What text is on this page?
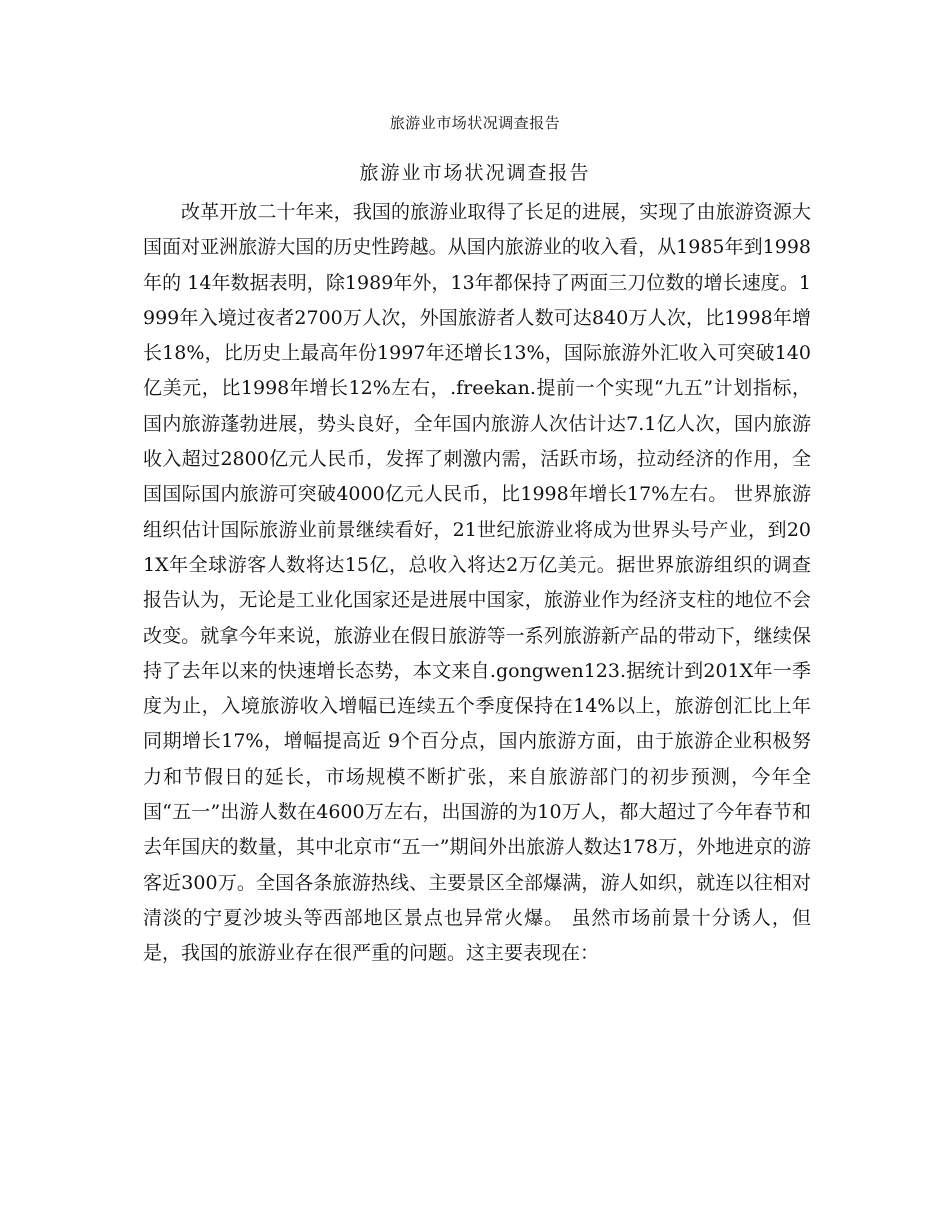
旅游业市场状况调查报告
旅游业市场状况调查报告

改革开放二十年来，我国的旅游业取得了长足的进展，实现了由旅游资源大国面对亚洲旅游大国的历史性跨越。从国内旅游业的收入看，从1985年到1998年的 14年数据表明，除1989年外，13年都保持了两面三刀位数的增长速度。1999年入境过夜者2700万人次，外国旅游者人数可达840万人次，比1998年增长18%，比历史上最高年份1997年还增长13%，国际旅游外汇收入可突破140亿美元，比1998年增长12%左右，.freekan.提前一个实现“九五”计划指标，国内旅游蓬勃进展，势头良好，全年国内旅游人次估计达7.1亿人次，国内旅游收入超过2800亿元人民币，发挥了刺激内需，活跃市场，拉动经济的作用，全国国际国内旅游可突破4000亿元人民币，比1998年增长17%左右。 世界旅游组织估计国际旅游业前景继续看好，21世纪旅游业将成为世界头号产业，到201X年全球游客人数将达15亿，总收入将达2万亿美元。据世界旅游组织的调查报告认为，无论是工业化国家还是进展中国家，旅游业作为经济支柱的地位不会改变。就拿今年来说，旅游业在假日旅游等一系列旅游新产品的带动下，继续保持了去年以来的快速增长态势，本文来自.gongwen123.据统计到201X年一季度为止，入境旅游收入增幅已连续五个季度保持在14%以上，旅游创汇比上年同期增长17%，增幅提高近 9个百分点，国内旅游方面，由于旅游企业积极努力和节假日的延长，市场规模不断扩张，来自旅游部门的初步预测，今年全国“五一”出游人数在4600万左右，出国游的为10万人，都大超过了今年春节和去年国庆的数量，其中北京市“五一”期间外出旅游人数达178万，外地进京的游客近300万。全国各条旅游热线、主要景区全部爆满，游人如织，就连以往相对清淡的宁夏沙坡头等西部地区景点也异常火爆。 虽然市场前景十分诱人，但是，我国的旅游业存在很严重的问题。这主要表现在：
